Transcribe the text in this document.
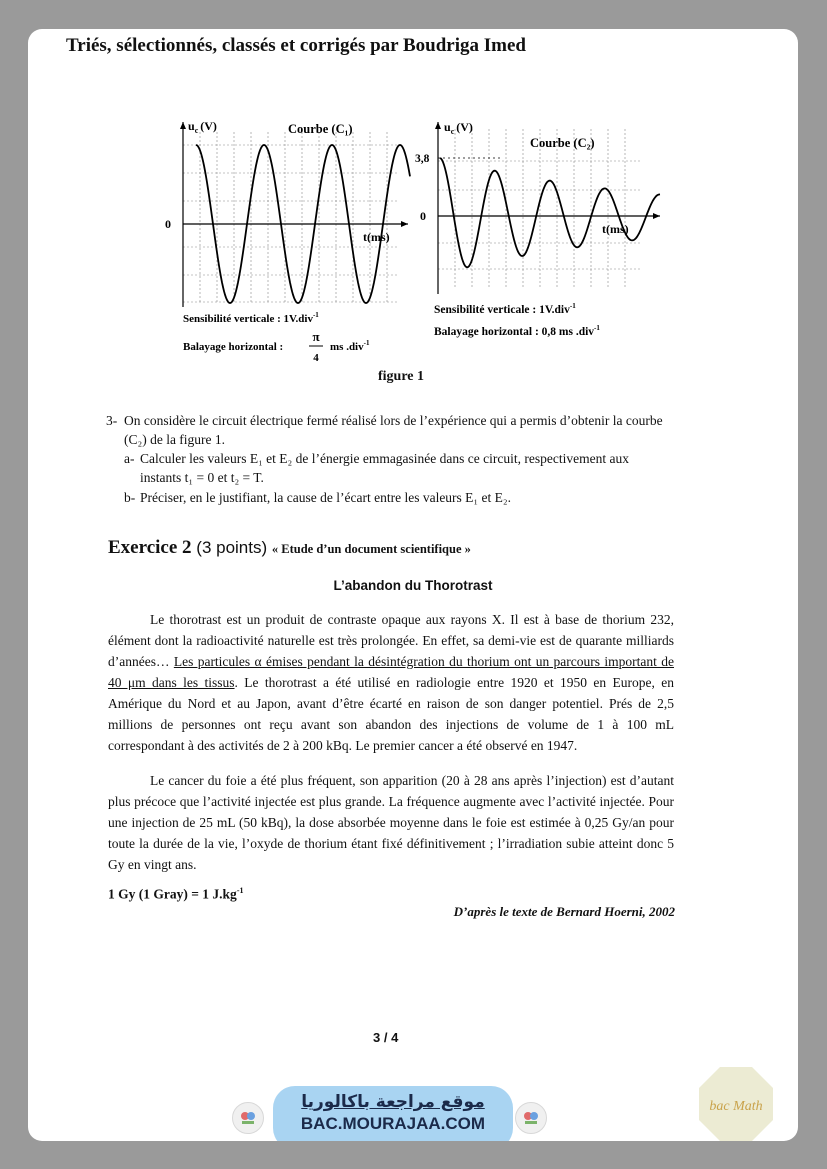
Triés, sélectionnés, classés et corrigés par Boudriga Imed
$u_c$ (V)
0
t(ms)
Courbe (C₁)
Sensibilité verticale : 1V.div$^{-1}$
Balayage horizontal :
π
4
ms .div$^{-1}$
$u_c$ (V)
3,8
0
t(ms)
Courbe (C₂)
Sensibilité verticale : 1V.div$^{-1}$
Balayage horizontal : 0,8 ms .div$^{-1}$
figure 1
3- On considère le circuit électrique fermé réalisé lors de l’expérience qui a permis d’obtenir la courbe (C₂) de la figure 1.
a- Calculer les valeurs E₁ et E₂ de l’énergie emmagasinée dans ce circuit, respectivement aux instants t₁ = 0 et t₂ = T.
b- Préciser, en le justifiant, la cause de l’écart entre les valeurs E₁ et E₂.
Exercice 2 (3 points) « Etude d’un document scientifique »
L’abandon du Thorotrast
Le thorotrast est un produit de contraste opaque aux rayons X. Il est à base de thorium 232, élément dont la radioactivité naturelle est très prolongée. En effet, sa demi-vie est de quarante milliards d’années… Les particules α émises pendant la désintégration du thorium ont un parcours important de 40 μm dans les tissus. Le thorotrast a été utilisé en radiologie entre 1920 et 1950 en Europe, en Amérique du Nord et au Japon, avant d’être écarté en raison de son danger potentiel. Prés de 2,5 millions de personnes ont reçu avant son abandon des injections de volume de 1 à 100 mL correspondant à des activités de 2 à 200 kBq. Le premier cancer a été observé en 1947.
Le cancer du foie a été plus fréquent, son apparition (20 à 28 ans après l’injection) est d’autant plus précoce que l’activité injectée est plus grande. La fréquence augmente avec l’activité injectée. Pour une injection de 25 mL (50 kBq), la dose absorbée moyenne dans le foie est estimée à 0,25 Gy/an pour toute la durée de la vie, l’oxyde de thorium étant fixé définitivement ; l’irradiation subie atteint donc 5 Gy en vingt ans.
1 Gy (1 Gray) = 1 $J.kg^{-1}$
D’après le texte de Bernard Hoerni, 2002
3 / 4
موقع مراجعة باكالوريا
BAC.MOURAJAA.COM
bac Math
